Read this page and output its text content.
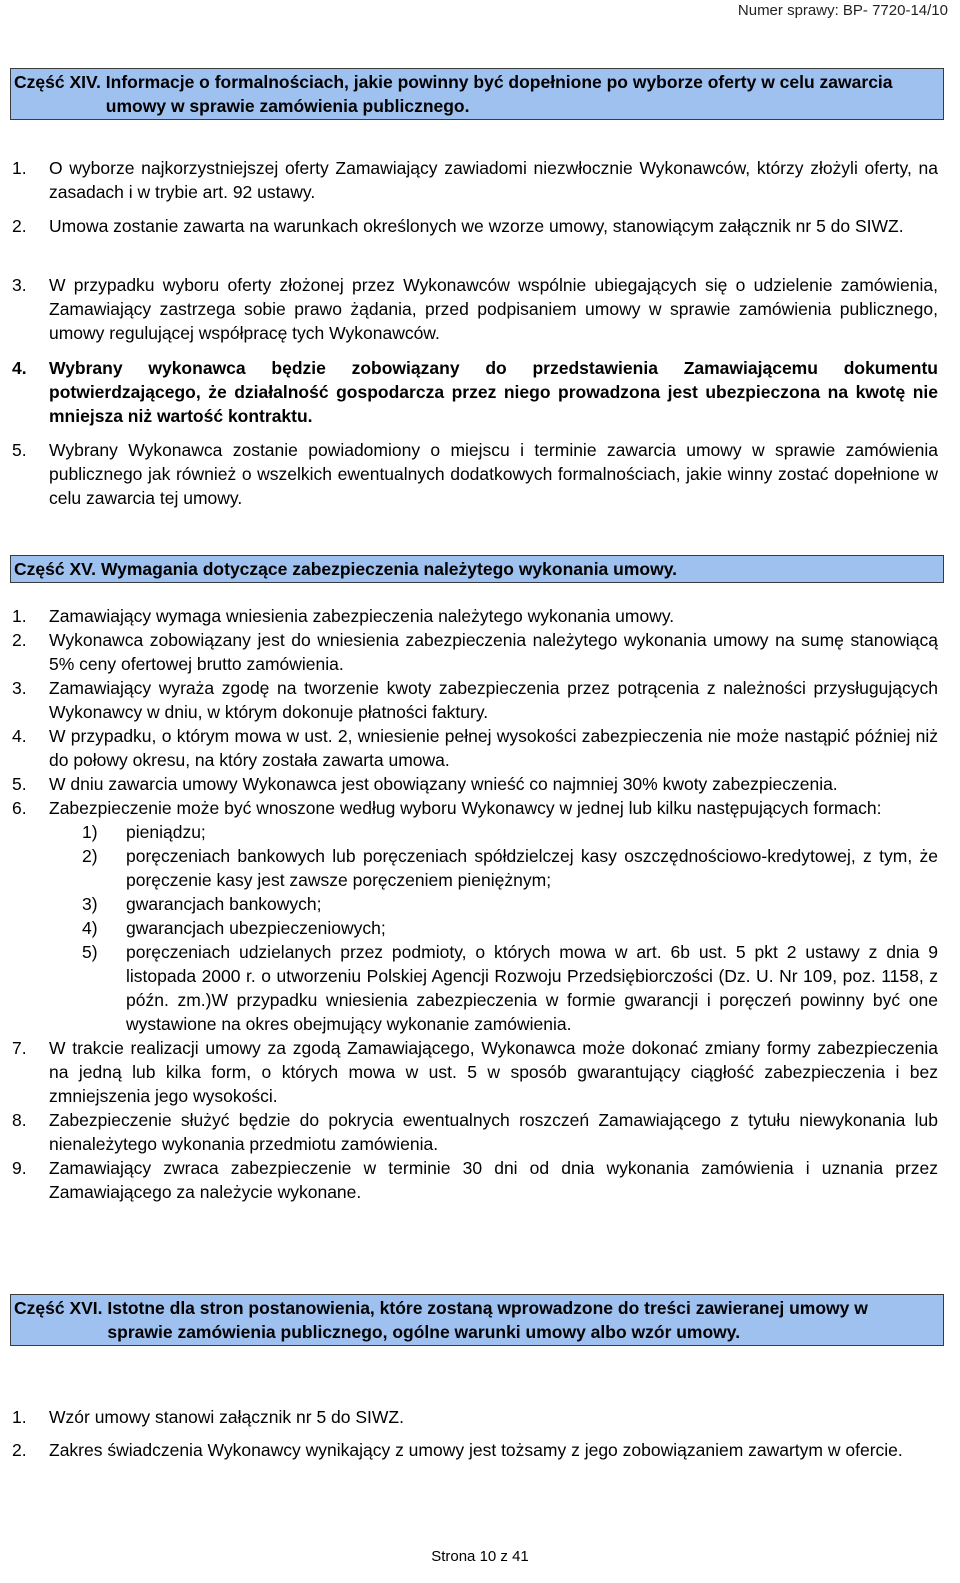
Numer sprawy: BP- 7720-14/10
Część XIV.
Informacje o formalnościach, jakie powinny być dopełnione po wyborze oferty w celu zawarcia umowy w sprawie zamówienia publicznego.
1.	O wyborze najkorzystniejszej oferty Zamawiający zawiadomi niezwłocznie Wykonawców, którzy złożyli oferty, na zasadach i w trybie art. 92 ustawy.
2.	Umowa zostanie zawarta na warunkach określonych we wzorze umowy, stanowiącym załącznik nr 5 do SIWZ.
3.	W przypadku wyboru oferty złożonej przez Wykonawców wspólnie ubiegających się o udzielenie zamówienia, Zamawiający zastrzega sobie prawo żądania, przed podpisaniem umowy w sprawie zamówienia publicznego, umowy regulującej współpracę tych Wykonawców.
4.	Wybrany wykonawca będzie zobowiązany do przedstawienia Zamawiającemu dokumentu potwierdzającego, że działalność gospodarcza przez niego prowadzona jest ubezpieczona na kwotę nie mniejsza niż wartość kontraktu.
5.	Wybrany Wykonawca zostanie powiadomiony o miejscu i terminie zawarcia umowy w sprawie zamówienia publicznego jak również o wszelkich ewentualnych dodatkowych formalnościach, jakie winny zostać dopełnione w celu zawarcia tej umowy.
Część XV.
Wymagania dotyczące zabezpieczenia należytego wykonania umowy.
1.	Zamawiający wymaga wniesienia zabezpieczenia należytego wykonania umowy.
2.	Wykonawca zobowiązany jest do wniesienia zabezpieczenia należytego wykonania umowy na sumę stanowiącą 5% ceny ofertowej brutto zamówienia.
3.	Zamawiający wyraża zgodę na tworzenie kwoty zabezpieczenia przez potrącenia z należności przysługujących Wykonawcy w dniu, w którym dokonuje płatności faktury.
4.	W przypadku, o którym mowa w ust. 2, wniesienie pełnej wysokości zabezpieczenia nie może nastąpić później niż do połowy okresu, na który została zawarta umowa.
5.	W dniu zawarcia umowy Wykonawca jest obowiązany wnieść co najmniej 30% kwoty zabezpieczenia.
6.	Zabezpieczenie może być wnoszone według wyboru Wykonawcy w jednej lub kilku następujących formach:
1)	pieniądzu;
2)	poręczeniach bankowych lub poręczeniach spółdzielczej kasy oszczędnościowo-kredytowej, z tym, że poręczenie kasy jest zawsze poręczeniem pieniężnym;
3)	gwarancjach bankowych;
4)	gwarancjach ubezpieczeniowych;
5)	poręczeniach udzielanych przez podmioty, o których mowa w art. 6b ust. 5 pkt 2 ustawy z dnia 9 listopada 2000 r. o utworzeniu Polskiej Agencji Rozwoju Przedsiębiorczości (Dz. U. Nr 109, poz. 1158, z późn. zm.)W przypadku wniesienia zabezpieczenia w formie gwarancji i poręczeń powinny być one wystawione na okres obejmujący wykonanie zamówienia.
7.	W trakcie realizacji umowy za zgodą Zamawiającego, Wykonawca może dokonać zmiany formy zabezpieczenia na jedną lub kilka form, o których mowa w ust. 5 w sposób gwarantujący ciągłość zabezpieczenia i bez zmniejszenia jego wysokości.
8.	Zabezpieczenie służyć będzie do pokrycia ewentualnych roszczeń Zamawiającego z tytułu niewykonania lub nienależytego wykonania przedmiotu zamówienia.
9.	Zamawiający zwraca zabezpieczenie w terminie 30 dni od dnia wykonania zamówienia i uznania przez Zamawiającego za należycie wykonane.
Część XVI.
Istotne dla stron postanowienia, które zostaną wprowadzone do treści zawieranej umowy w sprawie zamówienia publicznego, ogólne warunki umowy albo wzór umowy.
1.	Wzór umowy stanowi załącznik nr 5 do SIWZ.
2.	Zakres świadczenia Wykonawcy wynikający z umowy jest tożsamy z jego zobowiązaniem zawartym w ofercie.
Strona 10 z 41
